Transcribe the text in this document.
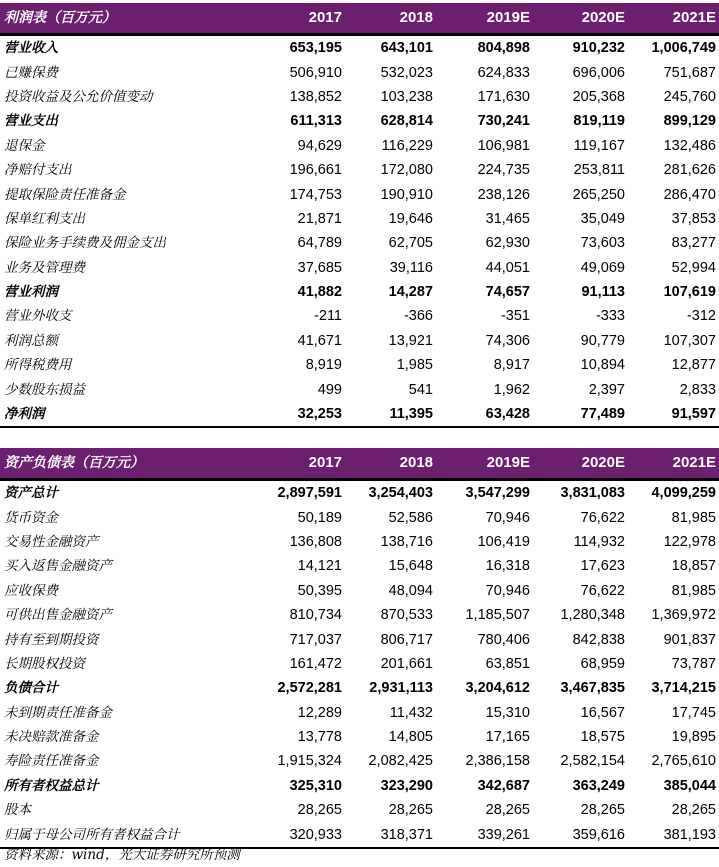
利润表（百万元）	2017	2018	2019E	2020E	2021E
营业收入	653,195	643,101	804,898	910,232	1,006,749
已赚保费	506,910	532,023	624,833	696,006	751,687
投资收益及公允价值变动	138,852	103,238	171,630	205,368	245,760
营业支出	611,313	628,814	730,241	819,119	899,129
退保金	94,629	116,229	106,981	119,167	132,486
净赔付支出	196,661	172,080	224,735	253,811	281,626
提取保险责任准备金	174,753	190,910	238,126	265,250	286,470
保单红利支出	21,871	19,646	31,465	35,049	37,853
保险业务手续费及佣金支出	64,789	62,705	62,930	73,603	83,277
业务及管理费	37,685	39,116	44,051	49,069	52,994
营业利润	41,882	14,287	74,657	91,113	107,619
营业外收支	-211	-366	-351	-333	-312
利润总额	41,671	13,921	74,306	90,779	107,307
所得税费用	8,919	1,985	8,917	10,894	12,877
少数股东损益	499	541	1,962	2,397	2,833
净利润	32,253	11,395	63,428	77,489	91,597
资产负债表（百万元）	2017	2018	2019E	2020E	2021E
资产总计	2,897,591	3,254,403	3,547,299	3,831,083	4,099,259
货币资金	50,189	52,586	70,946	76,622	81,985
交易性金融资产	136,808	138,716	106,419	114,932	122,978
买入返售金融资产	14,121	15,648	16,318	17,623	18,857
应收保费	50,395	48,094	70,946	76,622	81,985
可供出售金融资产	810,734	870,533	1,185,507	1,280,348	1,369,972
持有至到期投资	717,037	806,717	780,406	842,838	901,837
长期股权投资	161,472	201,661	63,851	68,959	73,787
负债合计	2,572,281	2,931,113	3,204,612	3,467,835	3,714,215
未到期责任准备金	12,289	11,432	15,310	16,567	17,745
未决赔款准备金	13,778	14,805	17,165	18,575	19,895
寿险责任准备金	1,915,324	2,082,425	2,386,158	2,582,154	2,765,610
所有者权益总计	325,310	323,290	342,687	363,249	385,044
股本	28,265	28,265	28,265	28,265	28,265
归属于母公司所有者权益合计	320,933	318,371	339,261	359,616	381,193
资料来源：wind，光大证券研究所预测
